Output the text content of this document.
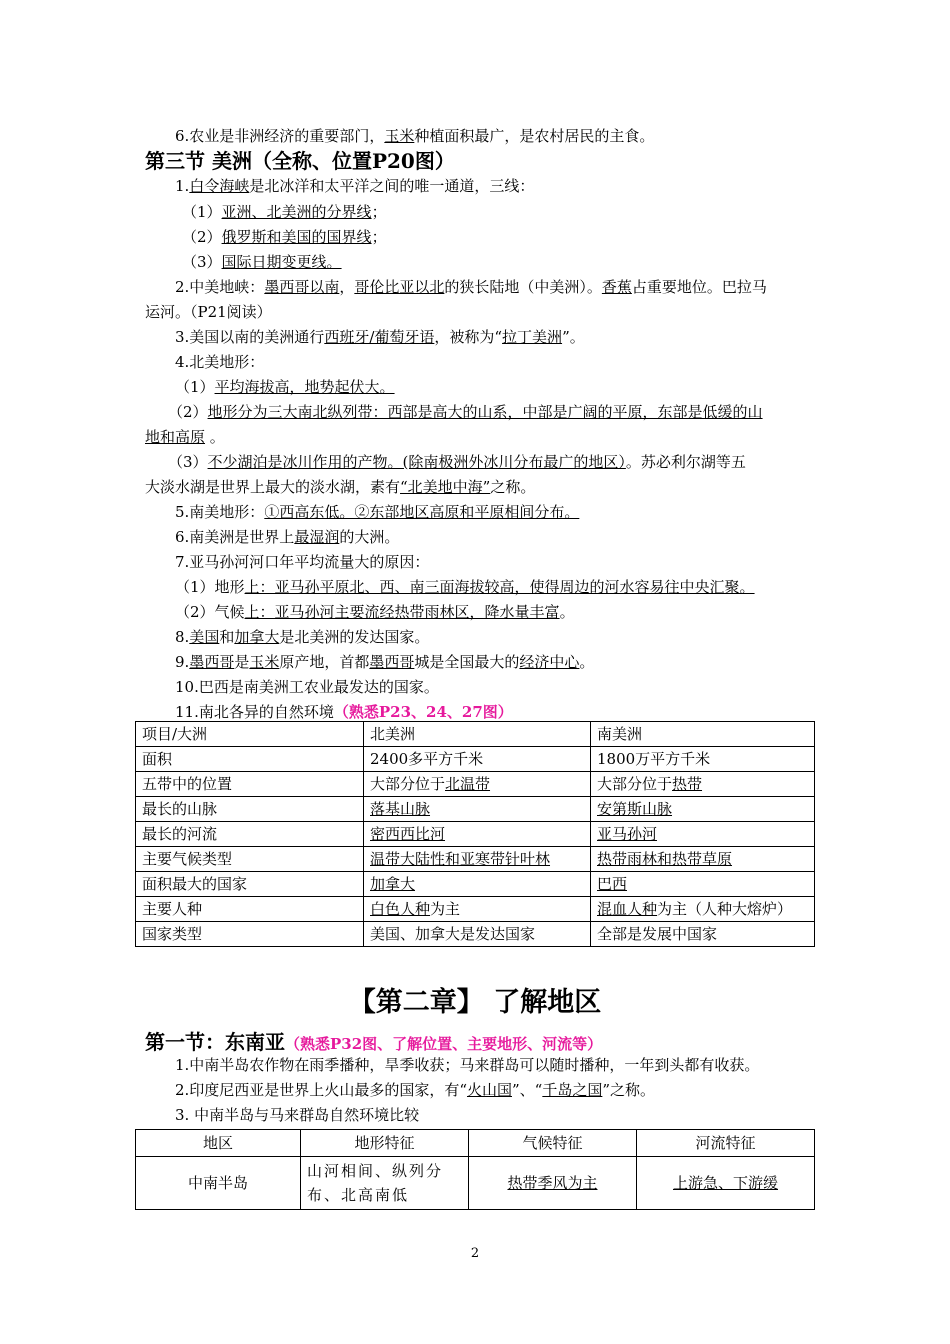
6.农业是非洲经济的重要部门，玉米种植面积最广，是农村居民的主食。
1.白令海峡是北冰洋和太平洋之间的唯一通道，三线：
（1）亚洲、北美洲的分界线；
（2）俄罗斯和美国的国界线；
（3）国际日期变更线。
2.中美地峡：墨西哥以南，哥伦比亚以北的狭长陆地（中美洲）。香蕉占重要地位。巴拉马
运河。（P21阅读）
3.美国以南的美洲通行西班牙/葡萄牙语，被称为“拉丁美洲”。
4.北美地形：
（1）平均海拔高，地势起伏大。
（2）地形分为三大南北纵列带：西部是高大的山系，中部是广阔的平原，东部是低缓的山
地和高原 。
（3）不少湖泊是冰川作用的产物。(除南极洲外冰川分布最广的地区）。苏必利尔湖等五
大淡水湖是世界上最大的淡水湖，素有“北美地中海”之称。
5.南美地形：①西高东低。②东部地区高原和平原相间分布。
6.南美洲是世界上最湿润的大洲。
7.亚马孙河河口年平均流量大的原因：
（1）地形上：亚马孙平原北、西、南三面海拔较高，使得周边的河水容易往中央汇聚。
（2）气候上：亚马孙河主要流经热带雨林区，降水量丰富。
8.美国和加拿大是北美洲的发达国家。
9.墨西哥是玉米原产地，首都墨西哥城是全国最大的经济中心。
10.巴西是南美洲工农业最发达的国家。
11.南北各异的自然环境（熟悉P23、24、27图）
1.中南半岛农作物在雨季播种，旱季收获；马来群岛可以随时播种，一年到头都有收获。
2.印度尼西亚是世界上火山最多的国家，有“火山国”、“千岛之国”之称。
3. 中南半岛与马来群岛自然环境比较
第三节 美洲（全称、位置P20图）
项目/大洲	北美洲	南美洲
面积	2400多平方千米	1800万平方千米
五带中的位置	大部分位于北温带	大部分位于热带
最长的山脉	落基山脉	安第斯山脉
最长的河流	密西西比河	亚马孙河
主要气候类型	温带大陆性和亚寒带针叶林	热带雨林和热带草原
面积最大的国家	加拿大	巴西
主要人种	白色人种为主	混血人种为主（人种大熔炉）
国家类型	美国、加拿大是发达国家	全部是发展中国家
【第二章】 了解地区
第一节：东南亚（熟悉P32图、了解位置、主要地形、河流等）
地区	地形特征	气候特征	河流特征
中南半岛	山河相间、纵列分
布、北高南低	热带季风为主	上游急、下游缓
2
